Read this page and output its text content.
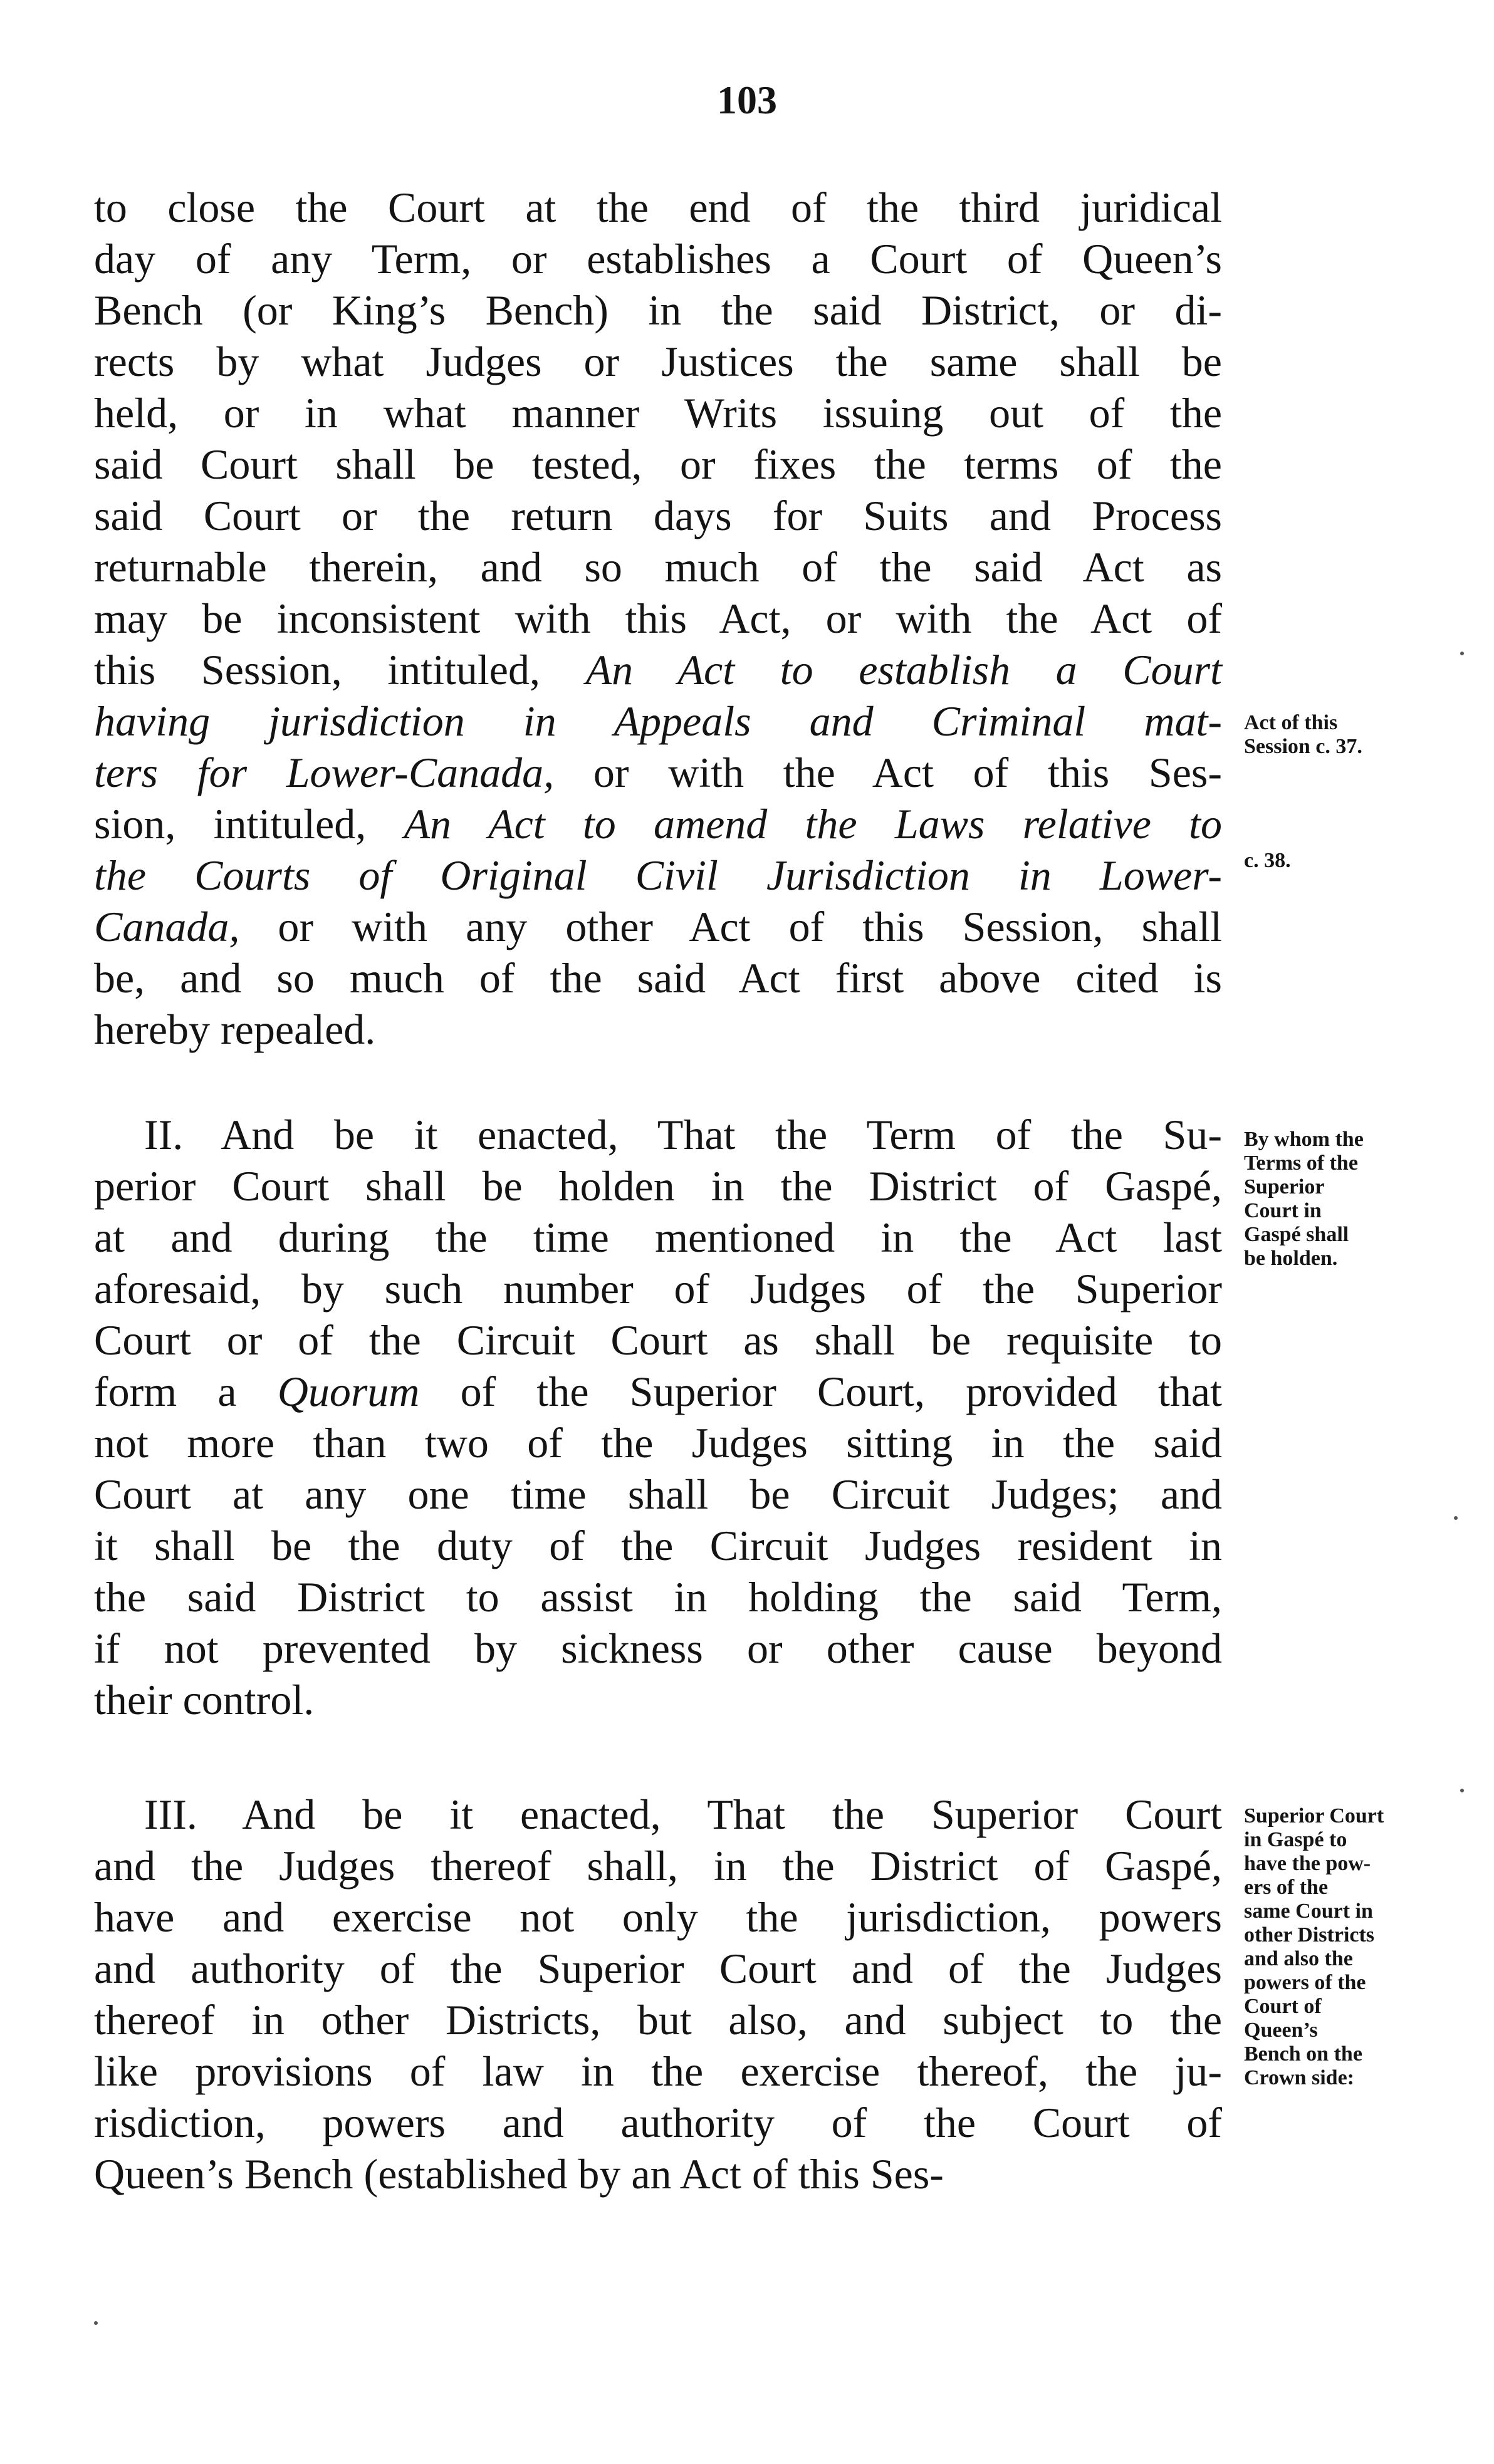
103
to close the Court at the end of the third juridical
day of any Term, or establishes a Court of Queen’s
Bench (or King’s Bench) in the said District, or di-
rects by what Judges or Justices the same shall be
held, or in what manner Writs issuing out of the
said Court shall be tested, or fixes the terms of the
said Court or the return days for Suits and Process
returnable therein, and so much of the said Act as
may be inconsistent with this Act, or with the Act of
this Session, intituled, An Act to establish a Court
having jurisdiction in Appeals and Criminal mat-
ters for Lower-Canada, or with the Act of this Ses-
sion, intituled, An Act to amend the Laws relative to
the Courts of Original Civil Jurisdiction in Lower-
Canada, or with any other Act of this Session, shall
be, and so much of the said Act first above cited is
hereby repealed.
II. And be it enacted, That the Term of the Su-
perior Court shall be holden in the District of Gaspé,
at and during the time mentioned in the Act last
aforesaid, by such number of Judges of the Superior
Court or of the Circuit Court as shall be requisite to
form a Quorum of the Superior Court, provided that
not more than two of the Judges sitting in the said
Court at any one time shall be Circuit Judges; and
it shall be the duty of the Circuit Judges resident in
the said District to assist in holding the said Term,
if not prevented by sickness or other cause beyond
their control.
III. And be it enacted, That the Superior Court
and the Judges thereof shall, in the District of Gaspé,
have and exercise not only the jurisdiction, powers
and authority of the Superior Court and of the Judges
thereof in other Districts, but also, and subject to the
like provisions of law in the exercise thereof, the ju-
risdiction, powers and authority of the Court of
Queen’s Bench (established by an Act of this Ses-
Act of this
Session c. 37.
c. 38.
By whom the
Terms of the
Superior
Court in
Gaspé shall
be holden.
Superior Court
in Gaspé to
have the pow-
ers of the
same Court in
other Districts
and also the
powers of the
Court of
Queen’s
Bench on the
Crown side:
